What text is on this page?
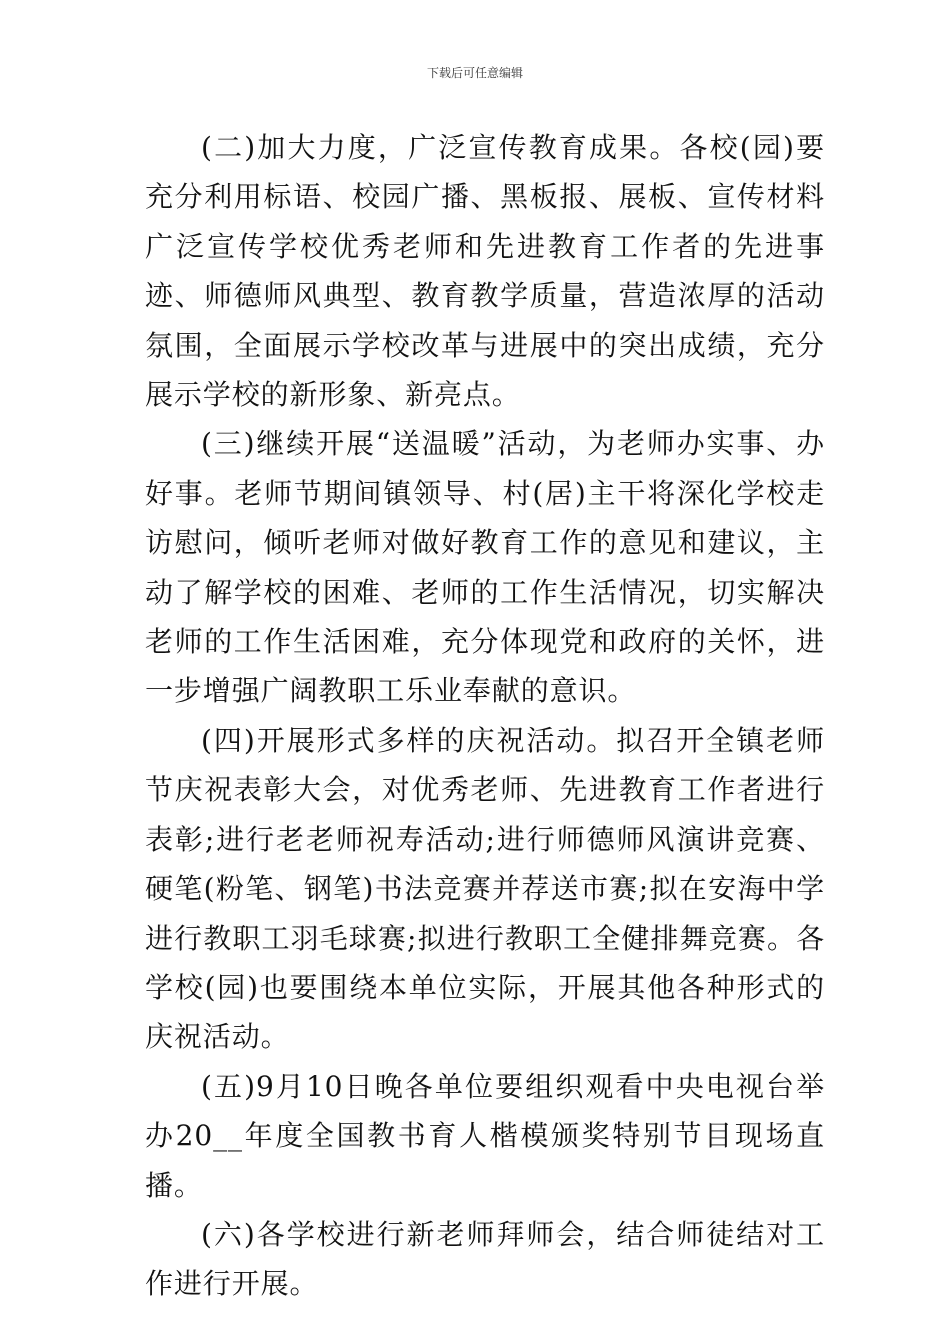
下载后可任意编辑

(二)加大力度，广泛宣传教育成果。各校(园)要充分利用标语、校园广播、黑板报、展板、宣传材料广泛宣传学校优秀老师和先进教育工作者的先进事迹、师德师风典型、教育教学质量，营造浓厚的活动氛围，全面展示学校改革与进展中的突出成绩，充分展示学校的新形象、新亮点。

(三)继续开展“送温暖”活动，为老师办实事、办好事。老师节期间镇领导、村(居)主干将深化学校走访慰问，倾听老师对做好教育工作的意见和建议，主动了解学校的困难、老师的工作生活情况，切实解决老师的工作生活困难，充分体现党和政府的关怀，进一步增强广阔教职工乐业奉献的意识。

(四)开展形式多样的庆祝活动。拟召开全镇老师节庆祝表彰大会，对优秀老师、先进教育工作者进行表彰;进行老老师祝寿活动;进行师德师风演讲竞赛、硬笔(粉笔、钢笔)书法竞赛并荐送市赛;拟在安海中学进行教职工羽毛球赛;拟进行教职工全健排舞竞赛。各学校(园)也要围绕本单位实际，开展其他各种形式的庆祝活动。

(五)9月10日晚各单位要组织观看中央电视台举办20__年度全国教书育人楷模颁奖特别节目现场直播。

(六)各学校进行新老师拜师会，结合师徒结对工作进行开展。
